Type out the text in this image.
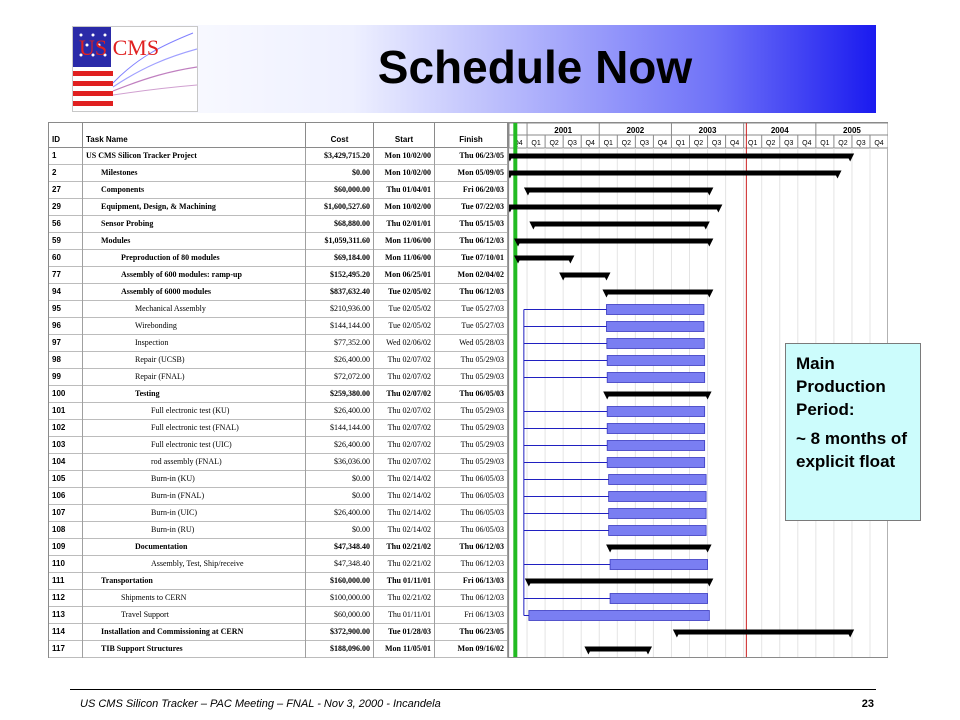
US CMS	Schedule Now
ID	Task Name	Cost	Start	Finish
1	US CMS Silicon Tracker Project	$3,429,715.20	Mon 10/02/00	Thu 06/23/05
2	Milestones	$0.00	Mon 10/02/00	Mon 05/09/05
27	Components	$60,000.00	Thu 01/04/01	Fri 06/20/03
29	Equipment, Design, & Machining	$1,600,527.60	Mon 10/02/00	Tue 07/22/03
56	Sensor Probing	$68,880.00	Thu 02/01/01	Thu 05/15/03
59	Modules	$1,059,311.60	Mon 11/06/00	Thu 06/12/03
60	Preproduction of 80 modules	$69,184.00	Mon 11/06/00	Tue 07/10/01
77	Assembly of 600 modules: ramp-up	$152,495.20	Mon 06/25/01	Mon 02/04/02
94	Assembly of 6000 modules	$837,632.40	Tue 02/05/02	Thu 06/12/03
95	Mechanical Assembly	$210,936.00	Tue 02/05/02	Tue 05/27/03
96	Wirebonding	$144,144.00	Tue 02/05/02	Tue 05/27/03
97	Inspection	$77,352.00	Wed 02/06/02	Wed 05/28/03
98	Repair (UCSB)	$26,400.00	Thu 02/07/02	Thu 05/29/03
99	Repair (FNAL)	$72,072.00	Thu 02/07/02	Thu 05/29/03
100	Testing	$259,380.00	Thu 02/07/02	Thu 06/05/03
101	Full electronic test (KU)	$26,400.00	Thu 02/07/02	Thu 05/29/03
102	Full electronic test (FNAL)	$144,144.00	Thu 02/07/02	Thu 05/29/03
103	Full electronic test (UIC)	$26,400.00	Thu 02/07/02	Thu 05/29/03
104	rod assembly (FNAL)	$36,036.00	Thu 02/07/02	Thu 05/29/03
105	Burn-in (KU)	$0.00	Thu 02/14/02	Thu 06/05/03
106	Burn-in (FNAL)	$0.00	Thu 02/14/02	Thu 06/05/03
107	Burn-in (UIC)	$26,400.00	Thu 02/14/02	Thu 06/05/03
108	Burn-in (RU)	$0.00	Thu 02/14/02	Thu 06/05/03
109	Documentation	$47,348.40	Thu 02/21/02	Thu 06/12/03
110	Assembly, Test, Ship/receive	$47,348.40	Thu 02/21/02	Thu 06/12/03
111	Transportation	$160,000.00	Thu 01/11/01	Fri 06/13/03
112	Shipments to CERN	$100,000.00	Thu 02/21/02	Thu 06/12/03
113	Travel Support	$60,000.00	Thu 01/11/01	Fri 06/13/03
114	Installation and Commissioning at CERN	$372,900.00	Tue 01/28/03	Thu 06/23/05
117	TIB Support Structures	$188,096.00	Mon 11/05/01	Mon 09/16/02
2001	2002	2003	2004	2005
Q4 Q1 Q2 Q3 Q4 Q1 Q2 Q3 Q4 Q1 Q2 Q3 Q4 Q1 Q2 Q3 Q4 Q1 Q2 Q3 Q4
Main Production Period:
~ 8 months of explicit float
US CMS Silicon Tracker – PAC Meeting – FNAL - Nov 3, 2000 - Incandela	23
